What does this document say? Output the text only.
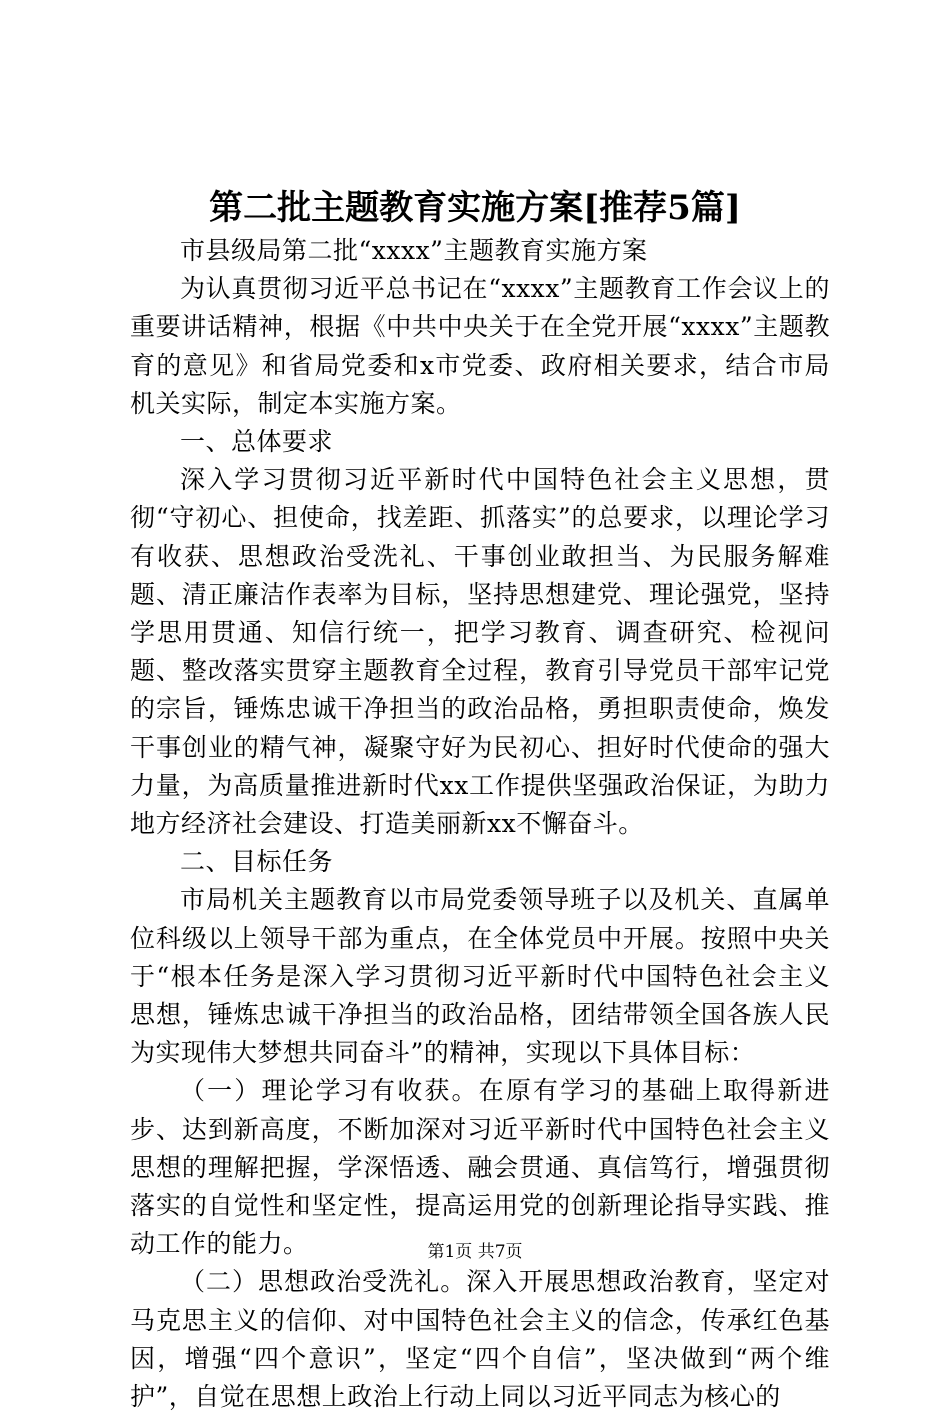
第二批主题教育实施方案[推荐5篇]

市县级局第二批“xxxx”主题教育实施方案

为认真贯彻习近平总书记在“xxxx”主题教育工作会议上的重要讲话精神，根据《中共中央关于在全党开展“xxxx”主题教育的意见》和省局党委和x市党委、政府相关要求，结合市局机关实际，制定本实施方案。

一、总体要求

深入学习贯彻习近平新时代中国特色社会主义思想，贯彻“守初心、担使命，找差距、抓落实”的总要求，以理论学习有收获、思想政治受洗礼、干事创业敢担当、为民服务解难题、清正廉洁作表率为目标，坚持思想建党、理论强党，坚持学思用贯通、知信行统一，把学习教育、调查研究、检视问题、整改落实贯穿主题教育全过程，教育引导党员干部牢记党的宗旨，锤炼忠诚干净担当的政治品格，勇担职责使命，焕发干事创业的精气神，凝聚守好为民初心、担好时代使命的强大力量，为高质量推进新时代xx工作提供坚强政治保证，为助力地方经济社会建设、打造美丽新xx不懈奋斗。

二、目标任务

市局机关主题教育以市局党委领导班子以及机关、直属单位科级以上领导干部为重点，在全体党员中开展。按照中央关于“根本任务是深入学习贯彻习近平新时代中国特色社会主义思想，锤炼忠诚干净担当的政治品格，团结带领全国各族人民为实现伟大梦想共同奋斗”的精神，实现以下具体目标：

（一）理论学习有收获。在原有学习的基础上取得新进步、达到新高度，不断加深对习近平新时代中国特色社会主义思想的理解把握，学深悟透、融会贯通、真信笃行，增强贯彻落实的自觉性和坚定性，提高运用党的创新理论指导实践、推动工作的能力。

（二）思想政治受洗礼。深入开展思想政治教育，坚定对马克思主义的信仰、对中国特色社会主义的信念，传承红色基因，增强“四个意识”，坚定“四个自信”，坚决做到“两个维护”，自觉在思想上政治上行动上同以习近平同志为核心的

第1页 共7页
